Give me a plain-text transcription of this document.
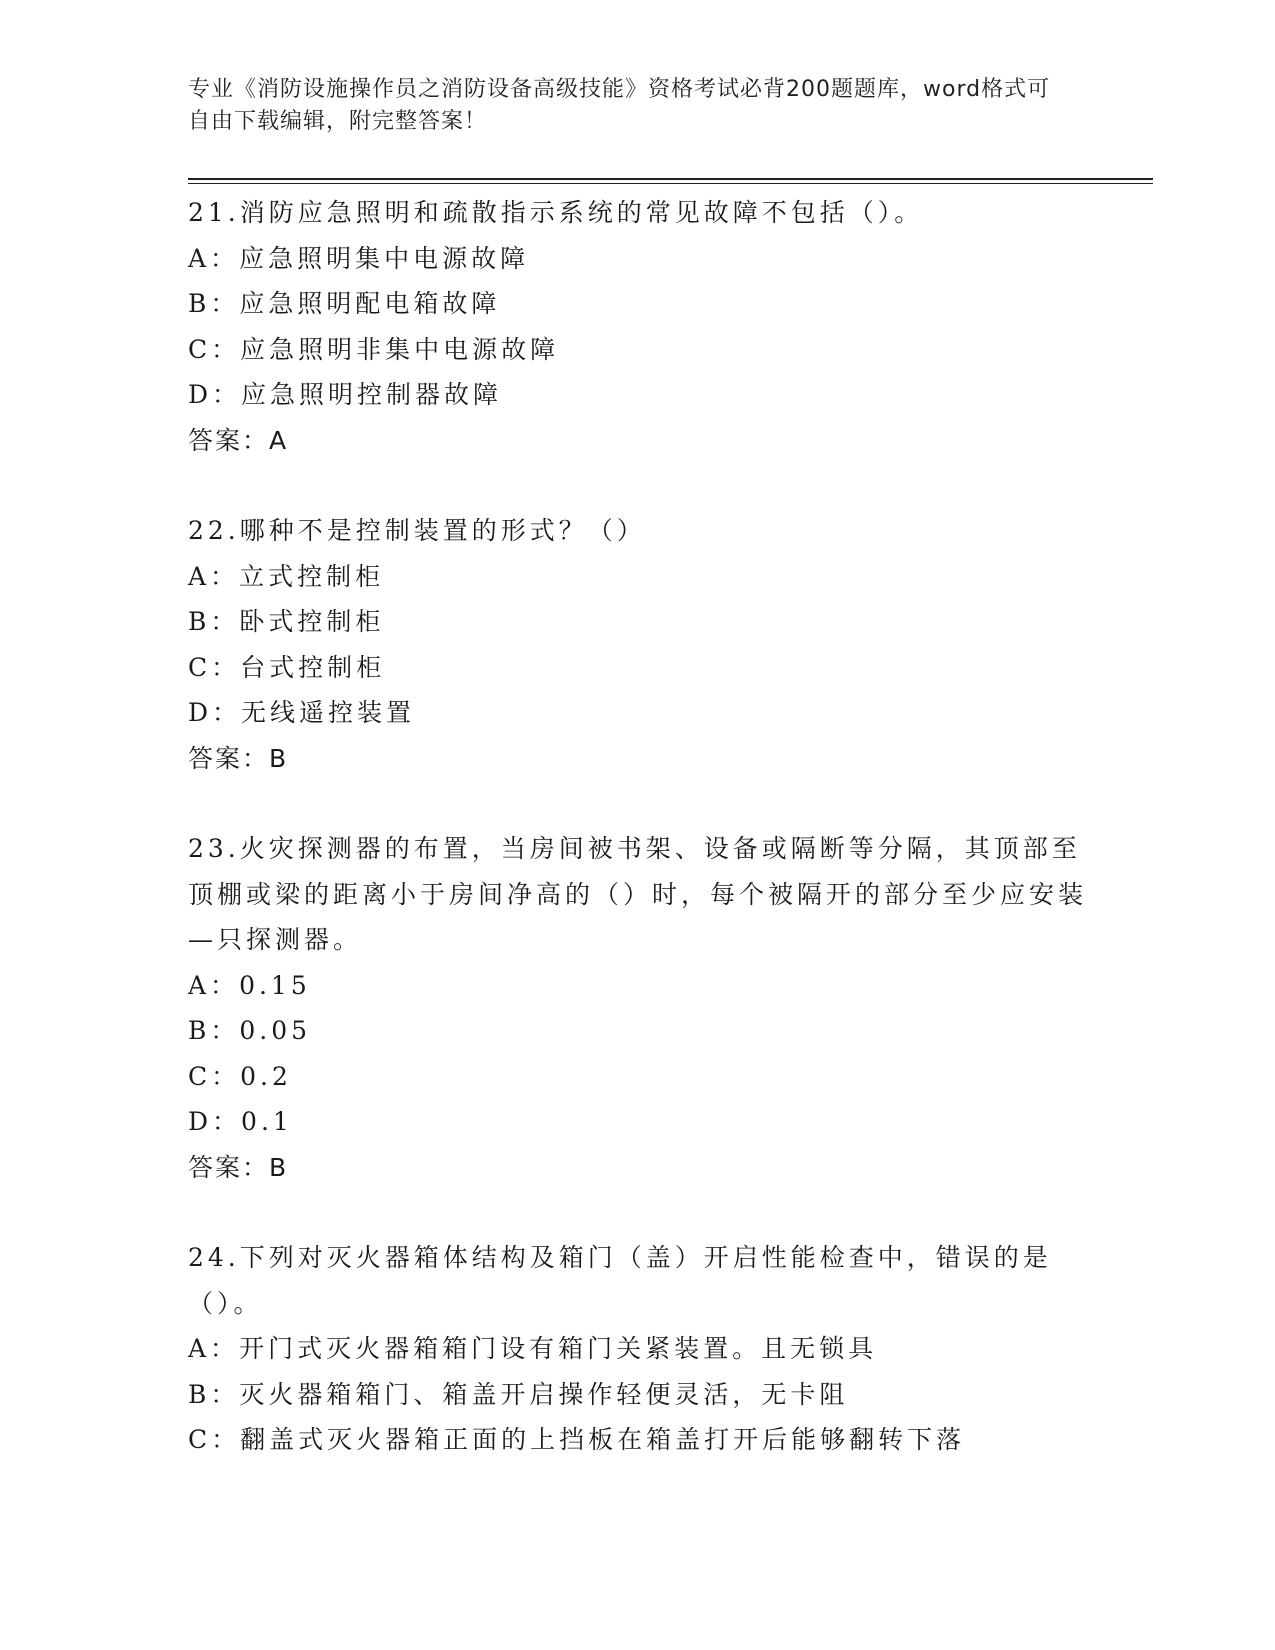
专业《消防设施操作员之消防设备高级技能》资格考试必背200题题库，word格式可自由下载编辑，附完整答案！
21.消防应急照明和疏散指示系统的常见故障不包括（）。
A：应急照明集中电源故障
B：应急照明配电箱故障
C：应急照明非集中电源故障
D：应急照明控制器故障
答案：A
22.哪种不是控制装置的形式？（）
A：立式控制柜
B：卧式控制柜
C：台式控制柜
D：无线遥控装置
答案：B
23.火灾探测器的布置，当房间被书架、设备或隔断等分隔，其顶部至顶棚或梁的距离小于房间净高的（）时，每个被隔开的部分至少应安装—只探测器。
A：0.15
B：0.05
C：0.2
D：0.1
答案：B
24.下列对灭火器箱体结构及箱门（盖）开启性能检查中，错误的是（）。
A：开门式灭火器箱箱门设有箱门关紧装置。且无锁具
B：灭火器箱箱门、箱盖开启操作轻便灵活，无卡阻
C：翻盖式灭火器箱正面的上挡板在箱盖打开后能够翻转下落
